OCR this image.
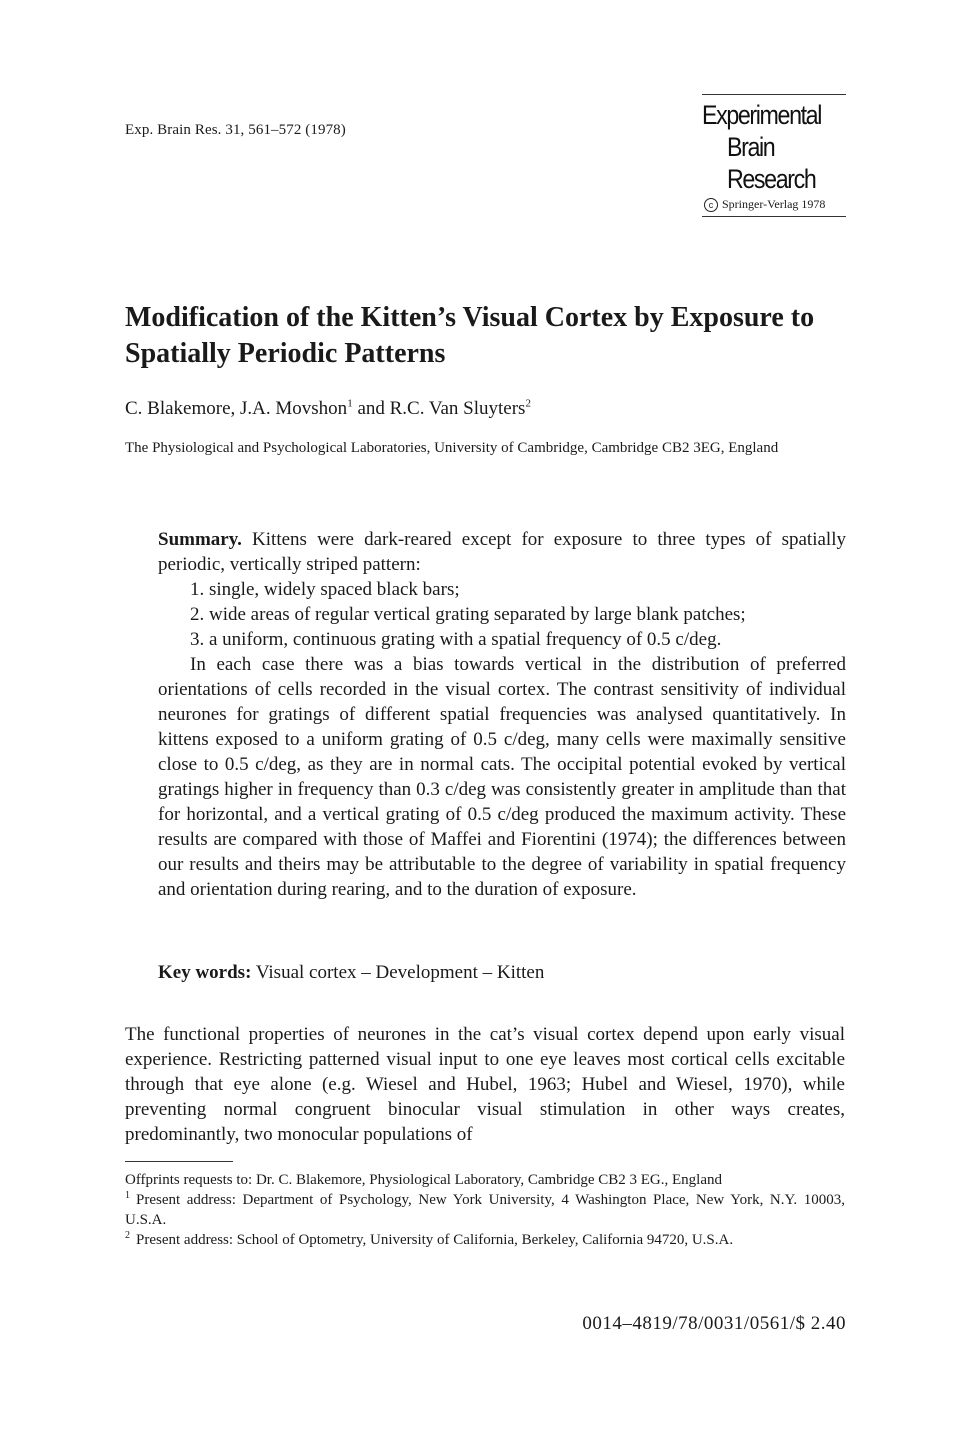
Exp. Brain Res. 31, 561–572 (1978)	Experimental
Brain
Research
c Springer-Verlag 1978
Modification of the Kitten’s Visual Cortex by Exposure to Spatially Periodic Patterns
C. Blakemore, J.A. Movshon$^1$ and R.C. Van Sluyters$^2$
The Physiological and Psychological Laboratories, University of Cambridge, Cambridge CB2 3EG, England

Summary. Kittens were dark-reared except for exposure to three types of spatially periodic, vertically striped pattern:

1. single, widely spaced black bars;

2. wide areas of regular vertical grating separated by large blank patches;

3. a uniform, continuous grating with a spatial frequency of 0.5 c/deg.

In each case there was a bias towards vertical in the distribution of preferred orientations of cells recorded in the visual cortex. The contrast sensitivity of individual neurones for gratings of different spatial frequencies was analysed quantitatively. In kittens exposed to a uniform grating of 0.5 c/deg, many cells were maximally sensitive close to 0.5 c/deg, as they are in normal cats. The occipital potential evoked by vertical gratings higher in frequency than 0.3 c/deg was consistently greater in amplitude than that for horizontal, and a vertical grating of 0.5 c/deg produced the maximum activity. These results are compared with those of Maffei and Fiorentini (1974); the differences between our results and theirs may be attributable to the degree of variability in spatial frequency and orientation during rearing, and to the duration of exposure.

Key words: Visual cortex – Development – Kitten
The functional properties of neurones in the cat’s visual cortex depend upon early visual experience. Restricting patterned visual input to one eye leaves most cortical cells excitable through that eye alone (e.g. Wiesel and Hubel, 1963; Hubel and Wiesel, 1970), while preventing normal congruent binocular visual stimulation in other ways creates, predominantly, two monocular populations of

Offprints requests to: Dr. C. Blakemore, Physiological Laboratory, Cambridge CB2 3 EG., England

$^1$ Present address: Department of Psychology, New York University, 4 Washington Place, New York, N.Y. 10003, U.S.A.

$^2$ Present address: School of Optometry, University of California, Berkeley, California 94720, U.S.A.

0014–4819/78/0031/0561/$ 2.40
